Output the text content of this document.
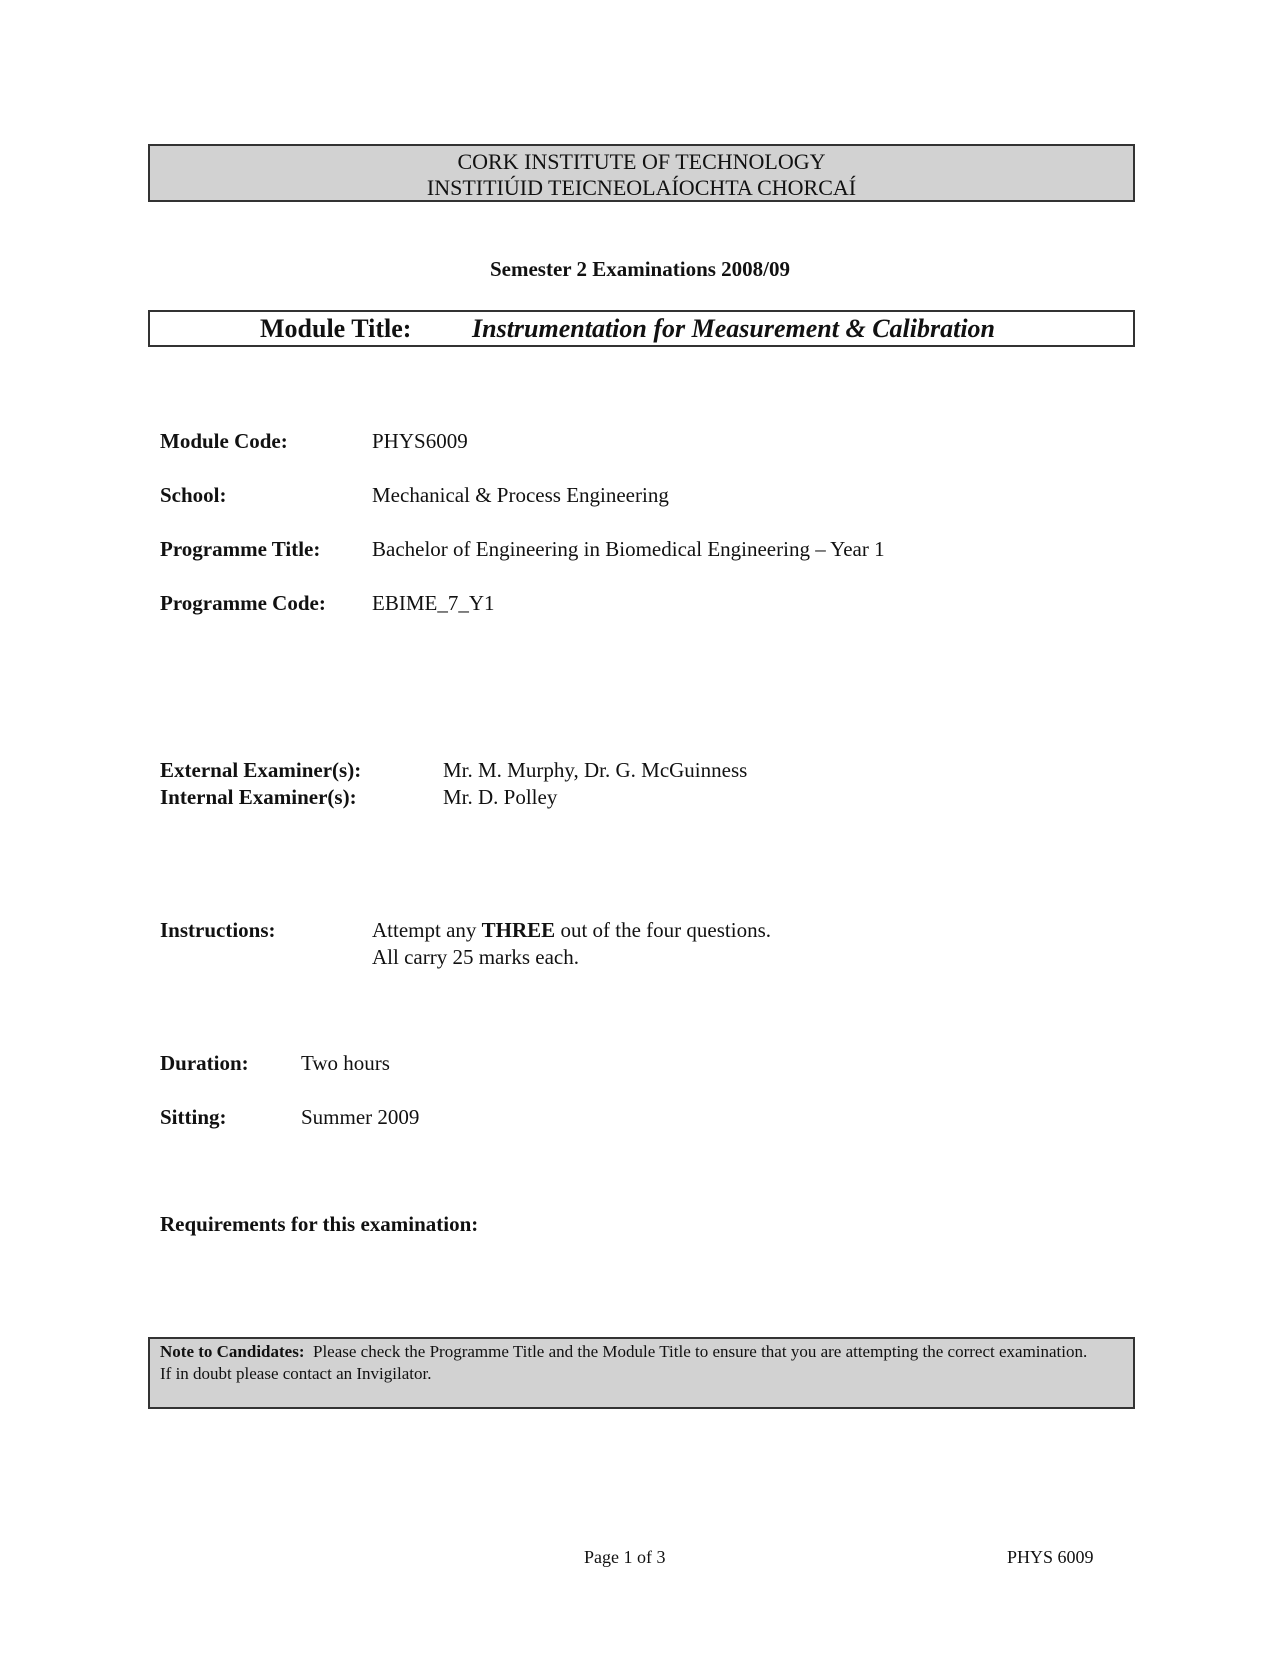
CORK INSTITUTE OF TECHNOLOGY
INSTITIÚID TEICNEOLAÍOCHTA CHORCAÍ
Semester 2 Examinations 2008/09
Module Title: Instrumentation for Measurement & Calibration
Module Code:	PHYS6009
School:	Mechanical & Process Engineering
Programme Title: Bachelor of Engineering in Biomedical Engineering – Year 1
Programme Code: EBIME_7_Y1
External Examiner(s):	Mr. M. Murphy, Dr. G. McGuinness
Internal Examiner(s):	Mr. D. Polley
Instructions:	Attempt any THREE out of the four questions.
All carry 25 marks each.
Duration: Two hours
Sitting:	Summer 2009
Requirements for this examination:
Note to Candidates: Please check the Programme Title and the Module Title to ensure that you are attempting the correct examination.
If in doubt please contact an Invigilator.
Page 1 of 3	PHYS 6009
